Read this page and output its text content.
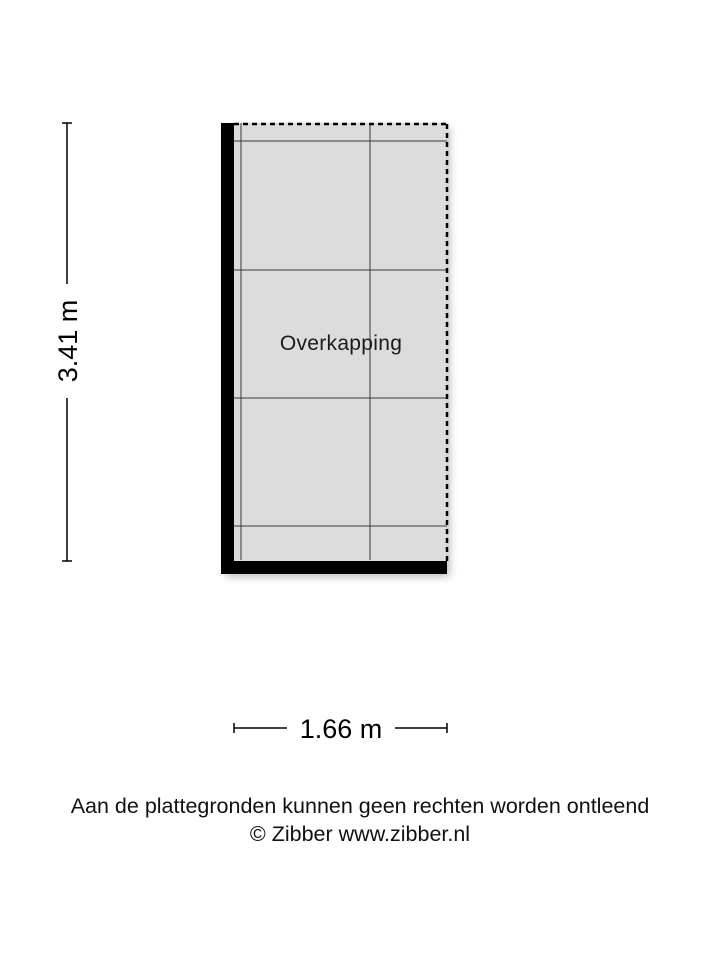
Overkapping
3.41 m
1.66 m
Aan de plattegronden kunnen geen rechten worden ontleend
© Zibber www.zibber.nl
